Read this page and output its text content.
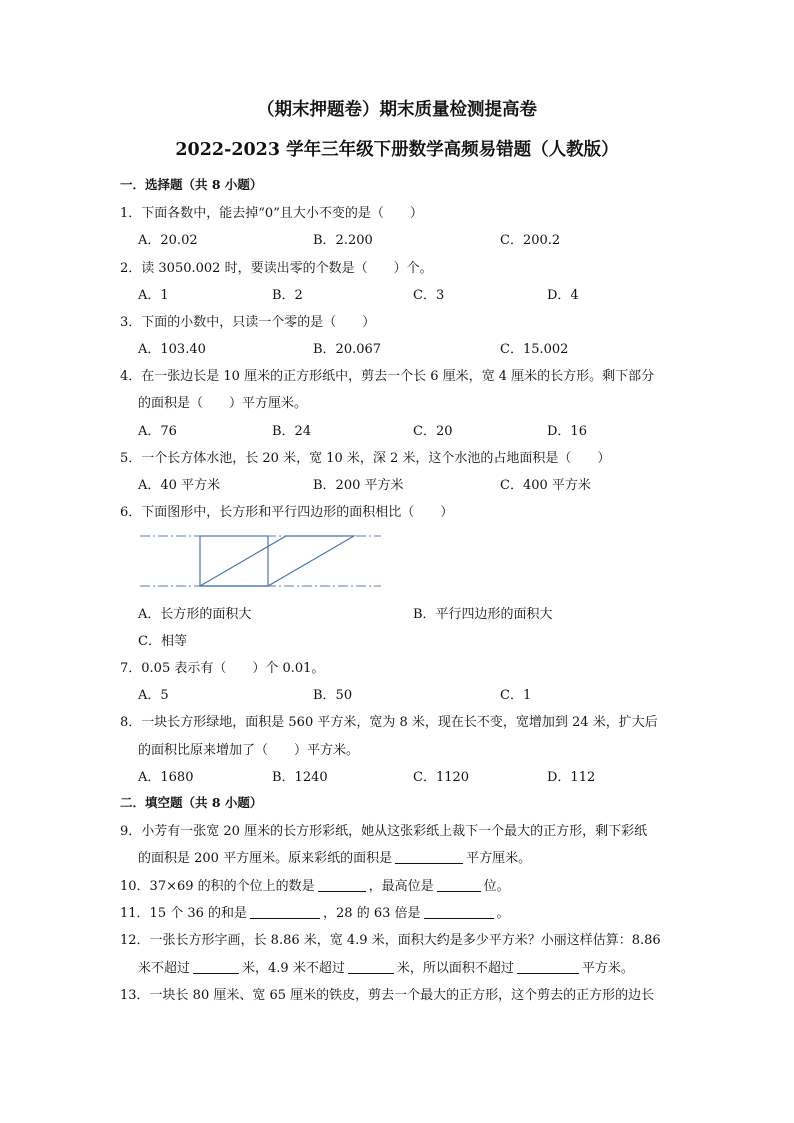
（期末押题卷）期末质量检测提高卷
2022-2023 学年三年级下册数学高频易错题（人教版）
一．选择题（共 8 小题）
1．下面各数中，能去掉“0”且大小不变的是（　　）
A．20.02	B．2.200	C．200.2
2．读 3050.002 时，要读出零的个数是（　　）个。
A．1	B．2	C．3	D．4
3．下面的小数中，只读一个零的是（　　）
A．103.40	B．20.067	C．15.002
4．在一张边长是 10 厘米的正方形纸中，剪去一个长 6 厘米，宽 4 厘米的长方形。剩下部分
的面积是（　　）平方厘米。
A．76	B．24	C．20	D．16
5．一个长方体水池，长 20 米，宽 10 米，深 2 米，这个水池的占地面积是（　　）
A．40 平方米	B．200 平方米	C．400 平方米
6．下面图形中，长方形和平行四边形的面积相比（　　）
A．长方形的面积大	B．平行四边形的面积大
C．相等
7．0.05 表示有（　　）个 0.01。
A．5	B．50	C．1
8．一块长方形绿地，面积是 560 平方米，宽为 8 米，现在长不变，宽增加到 24 米，扩大后
的面积比原来增加了（　　）平方米。
A．1680	B．1240	C．1120	D．112
二．填空题（共 8 小题）
9．小芳有一张宽 20 厘米的长方形彩纸，她从这张彩纸上裁下一个最大的正方形，剩下彩纸
的面积是 200 平方厘米。原来彩纸的面积是	平方厘米。
10．37×69 的积的个位上的数是	，最高位是	位。
11．15 个 36 的和是	，28 的 63 倍是	。
12．一张长方形字画，长 8.86 米，宽 4.9 米，面积大约是多少平方米？小丽这样估算：8.86
米不超过	米，4.9 米不超过	米，所以面积不超过	平方米。
13．一块长 80 厘米、宽 65 厘米的铁皮，剪去一个最大的正方形，这个剪去的正方形的边长
